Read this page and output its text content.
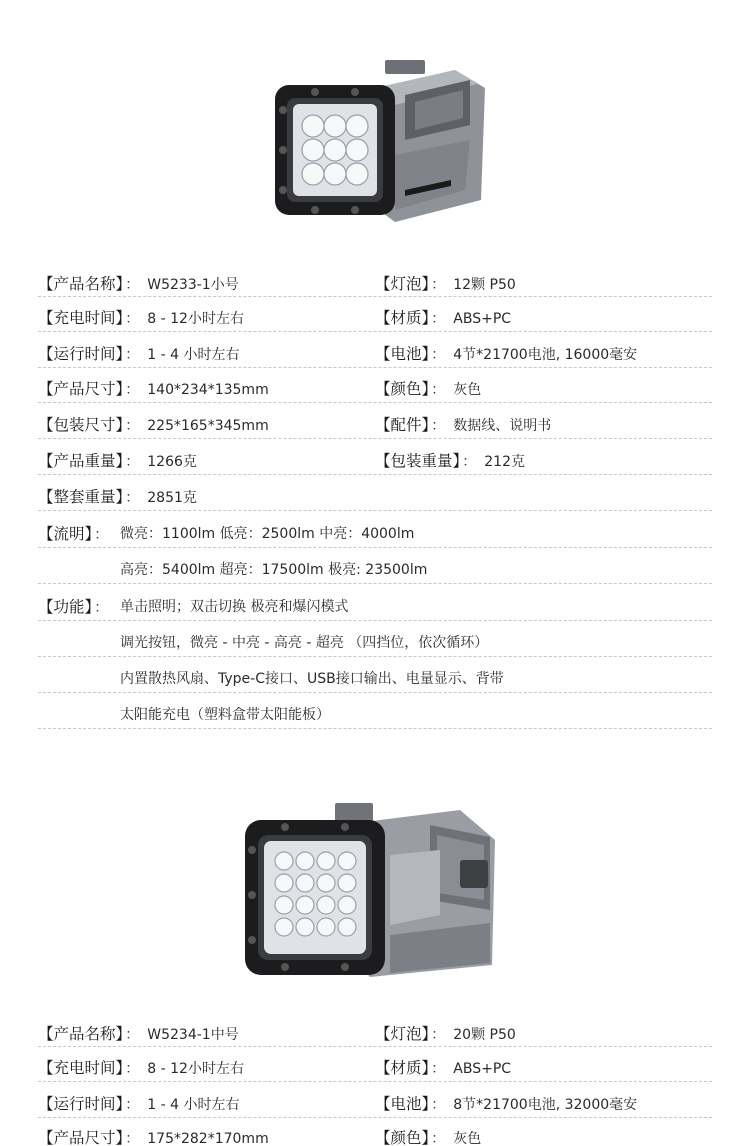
【产品名称】 ： W5233-1小号	【灯泡】 ： 12颗 P50
【充电时间】 ： 8 - 12小时左右	【材质】 ： ABS+PC
【运行时间】 ： 1 - 4 小时左右	【电池】 ： 4节*21700电池, 16000毫安
【产品尺寸】 ： 140*234*135mm	【颜色】 ： 灰色
【包装尺寸】 ： 225*165*345mm	【配件】 ： 数据线、说明书
【产品重量】 ： 1266克	【包装重量】 ： 212克
【整套重量】 ： 2851克
【流明】 ： 微亮：1100lm 低亮：2500lm 中亮：4000lm
高亮：5400lm 超亮：17500lm 极亮: 23500lm
【功能】 ： 单击照明；双击切换 极亮和爆闪模式
调光按钮，微亮 - 中亮 - 高亮 - 超亮 （四挡位，依次循环）
内置散热风扇、Type-C接口、USB接口输出、电量显示、背带
太阳能充电（塑料盒带太阳能板）
【产品名称】 ： W5234-1中号	【灯泡】 ： 20颗 P50
【充电时间】 ： 8 - 12小时左右	【材质】 ： ABS+PC
【运行时间】 ： 1 - 4 小时左右	【电池】 ： 8节*21700电池, 32000毫安
【产品尺寸】 ： 175*282*170mm	【颜色】 ： 灰色
